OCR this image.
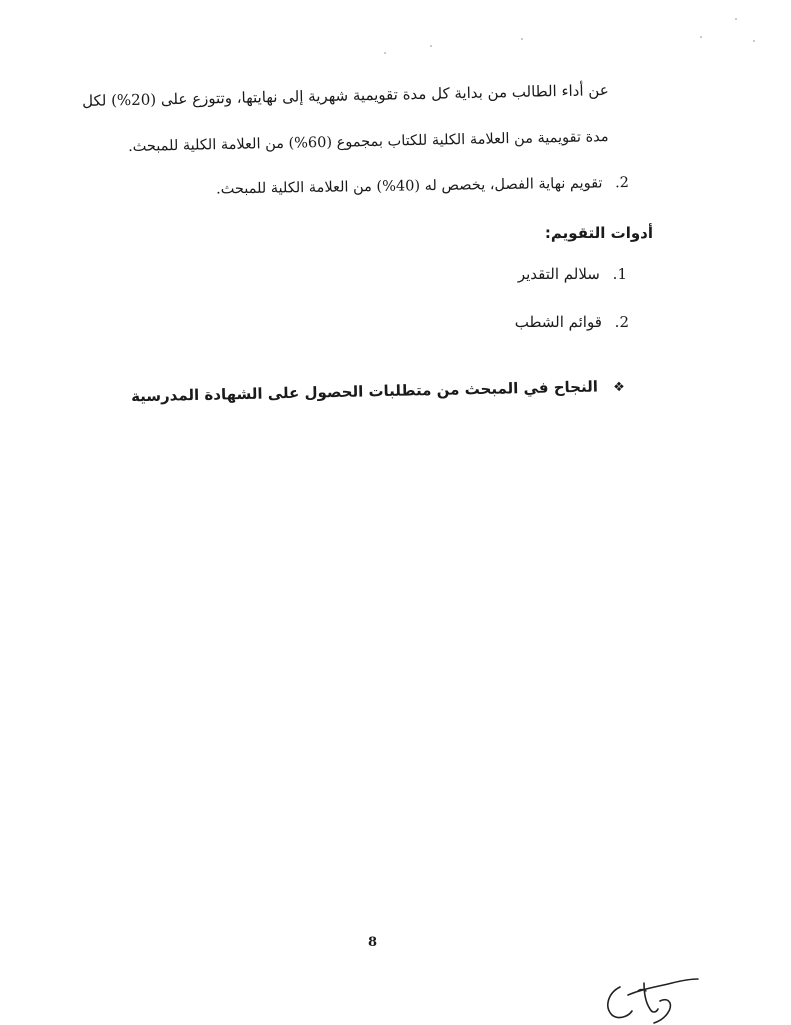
عن أداء الطالب من بداية كل مدة تقويمية شهرية إلى نهايتها، وتتوزع على (20%) لكل
مدة تقويمية من العلامة الكلية للكتاب بمجموع (60%) من العلامة الكلية للمبحث.
2. تقويم نهاية الفصل، يخصص له (40%) من العلامة الكلية للمبحث.
أدوات التقويم:
1. سلالم التقدير
2. قوائم الشطب
❖ النجاح في المبحث من متطلبات الحصول على الشهادة المدرسية
8
